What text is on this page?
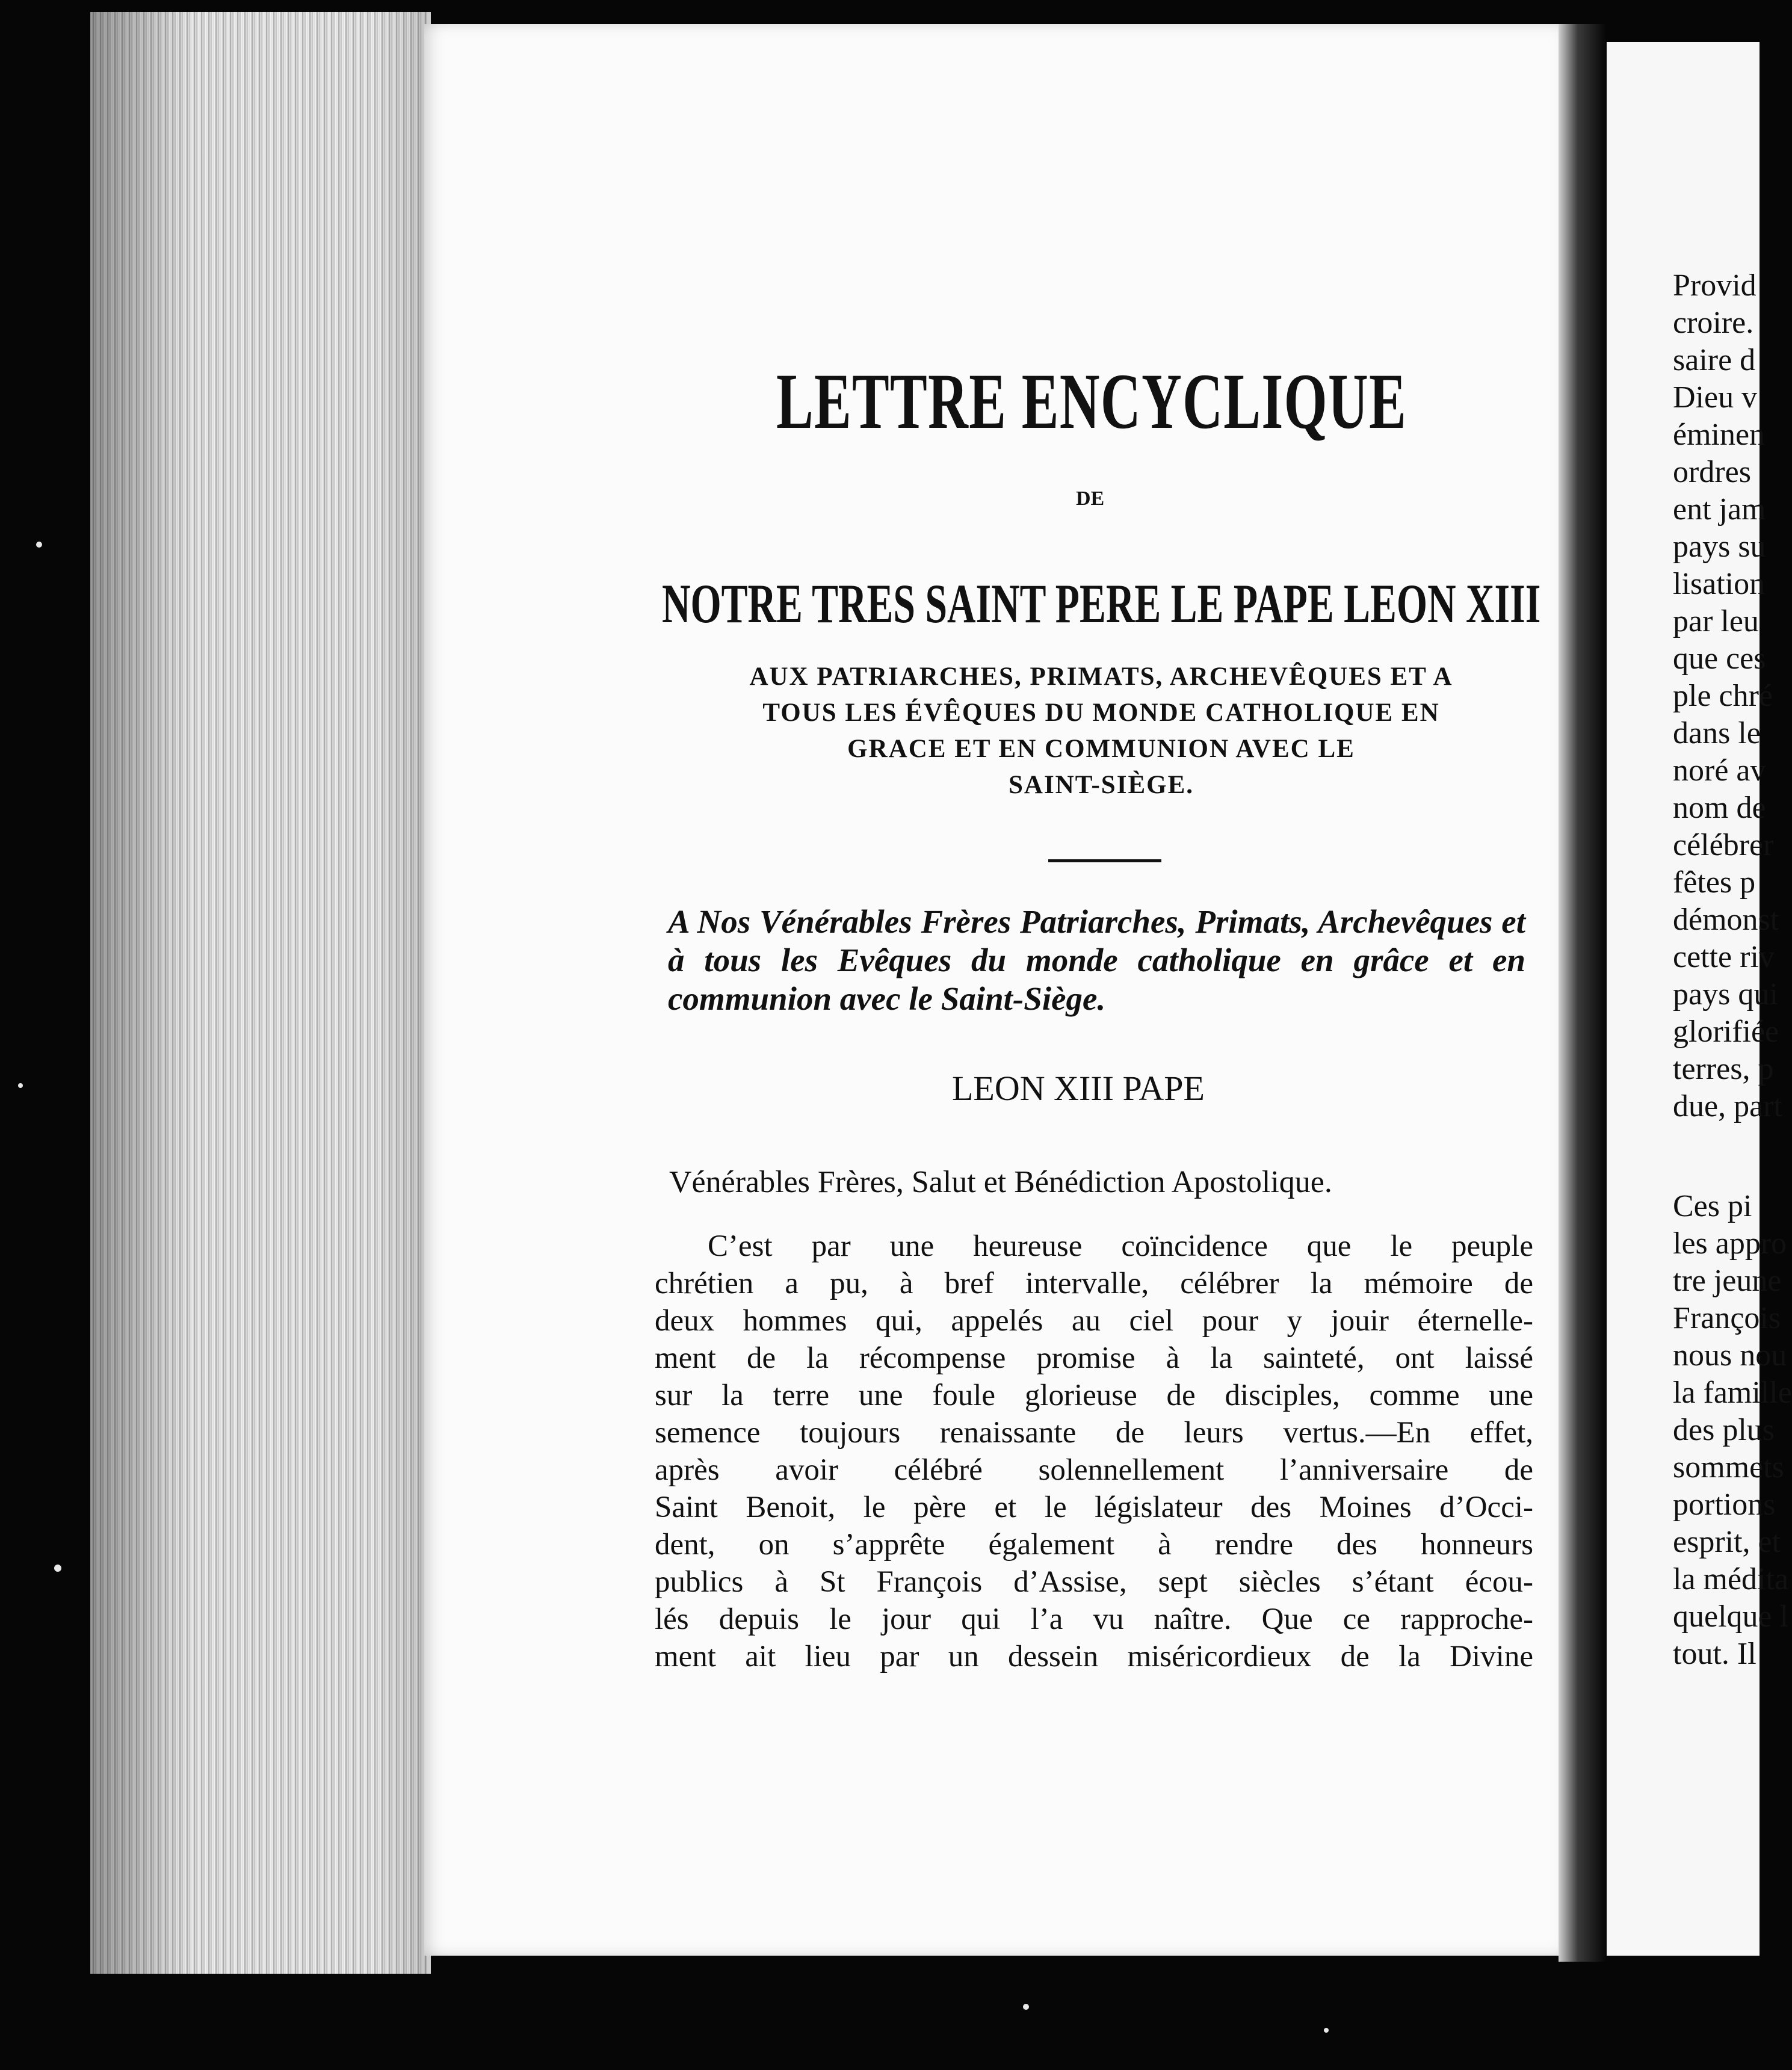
Provid
croire.
saire d
Dieu v
éminen
ordres
ent jam
pays su
lisation
par leu
que ces
ple chré
dans le
noré av
nom de
célébrer
fêtes p
démonst
cette riv
pays qui
glorifiée
terres, p
due, part
Ces pi
les appro
tre jeune
François
nous nou
la famille
des plus
sommets
portions
esprit, et
la médita
quelque l
tout. Il
LETTRE ENCYCLIQUE
DE
NOTRE TRES SAINT PERE LE PAPE LEON XIII
AUX PATRIARCHES, PRIMATS, ARCHEVÊQUES ET A
TOUS LES ÉVÊQUES DU MONDE CATHOLIQUE EN
GRACE ET EN COMMUNION AVEC LE
SAINT-SIÈGE.
A Nos Vénérables Frères Patriarches, Primats, Archevêques et à tous les Evêques du monde catholique en grâce et en communion avec le Saint-Siège.
LEON XIII PAPE
Vénérables Frères, Salut et Bénédiction Apostolique.
C’est par une heureuse coïncidence que le peuple
chrétien a pu, à bref intervalle, célébrer la mémoire de
deux hommes qui, appelés au ciel pour y jouir éternelle-
ment de la récompense promise à la sainteté, ont laissé
sur la terre une foule glorieuse de disciples, comme une
semence toujours renaissante de leurs vertus.—En effet,
après avoir célébré solennellement l’anniversaire de
Saint Benoit, le père et le législateur des Moines d’Occi-
dent, on s’apprête également à rendre des honneurs
publics à St François d’Assise, sept siècles s’étant écou-
lés depuis le jour qui l’a vu naître. Que ce rapproche-
ment ait lieu par un dessein miséricordieux de la Divine
